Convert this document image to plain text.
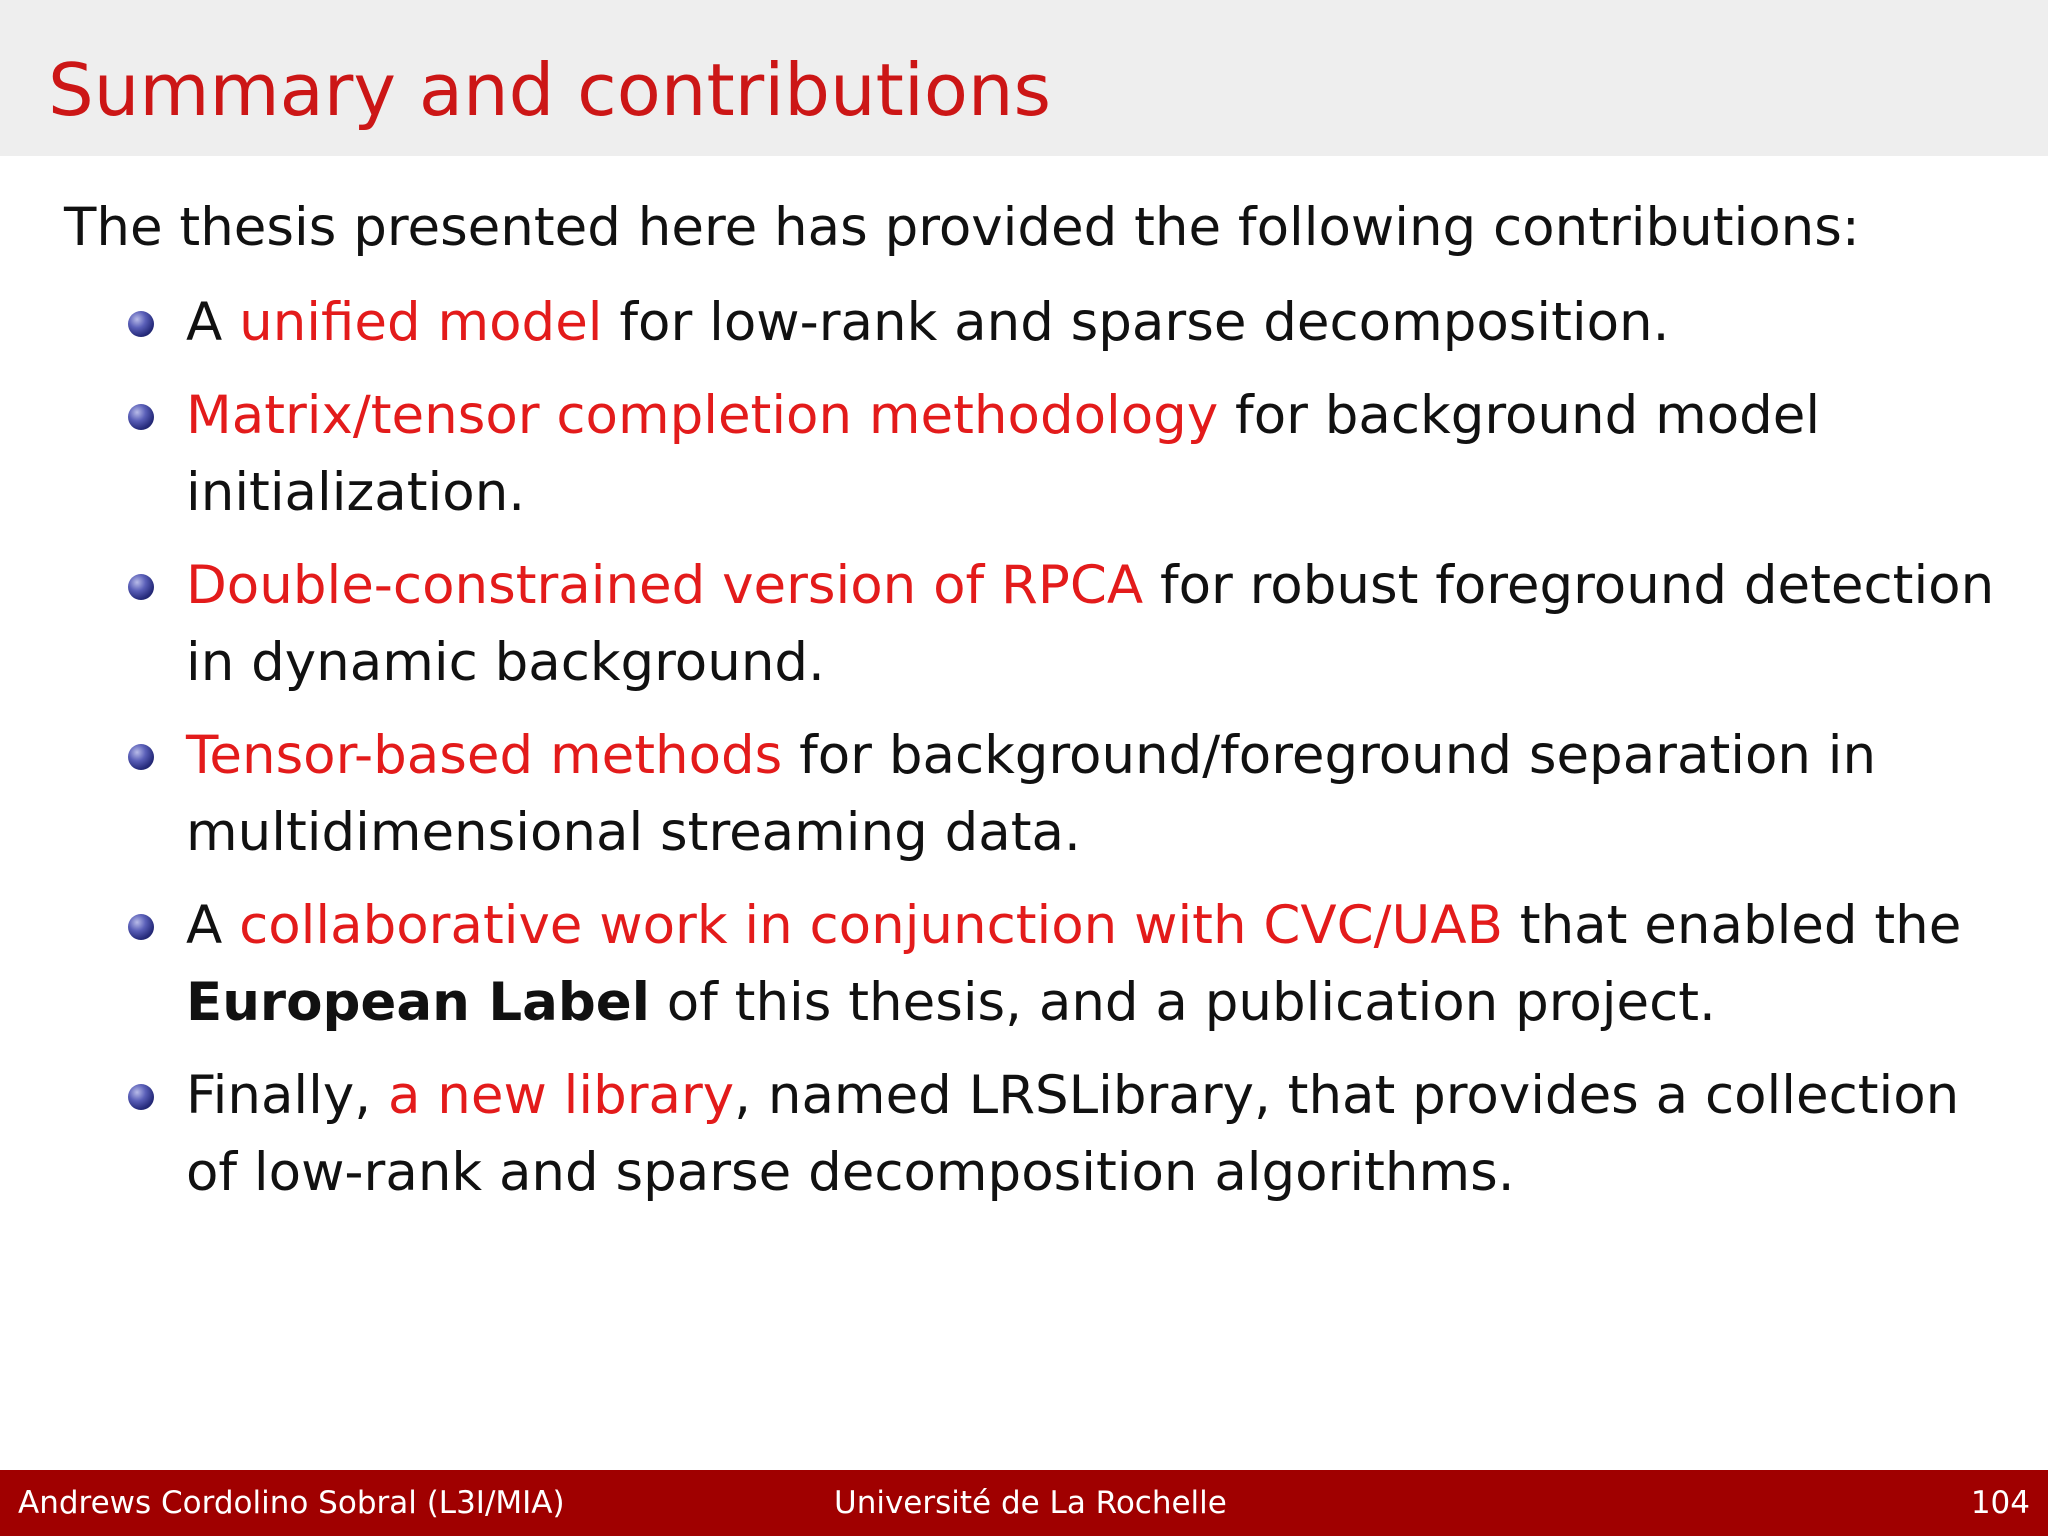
Summary and contributions
The thesis presented here has provided the following contributions:
A unified model for low-rank and sparse decomposition.
Matrix/tensor completion methodology for background model initialization.
Double-constrained version of RPCA for robust foreground detection in dynamic background.
Tensor-based methods for background/foreground separation in multidimensional streaming data.
A collaborative work in conjunction with CVC/UAB that enabled the European Label of this thesis, and a publication project.
Finally, a new library, named LRSLibrary, that provides a collection of low-rank and sparse decomposition algorithms.
Andrews Cordolino Sobral (L3I/MIA)	Université de La Rochelle	104
